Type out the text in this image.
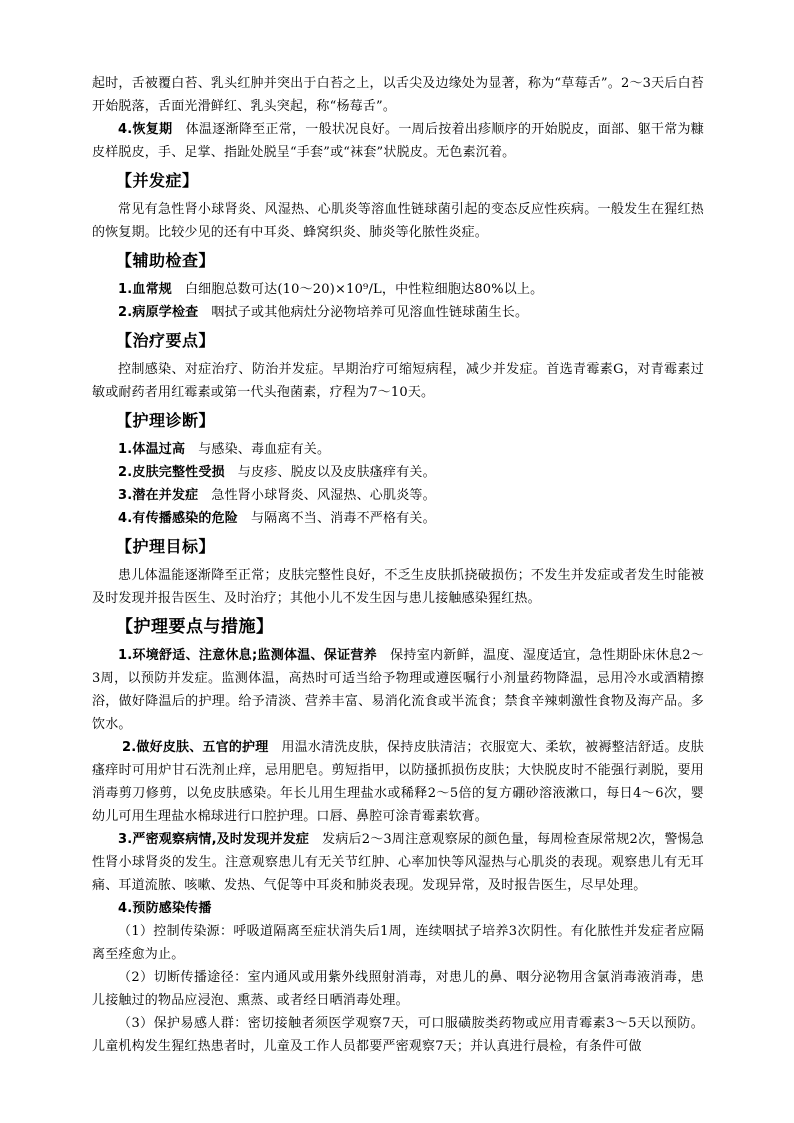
起时，舌被覆白苔、乳头红肿并突出于白苔之上，以舌尖及边缘处为显著，称为“草莓舌”。2～3天后白苔开始脱落，舌面光滑鲜红、乳头突起，称“杨莓舌”。

4.恢复期 体温逐渐降至正常，一般状况良好。一周后按着出疹顺序的开始脱皮，面部、躯干常为糠皮样脱皮，手、足掌、指趾处脱呈“手套”或“袜套”状脱皮。无色素沉着。

【并发症】

常见有急性肾小球肾炎、风湿热、心肌炎等溶血性链球菌引起的变态反应性疾病。一般发生在猩红热的恢复期。比较少见的还有中耳炎、蜂窝织炎、肺炎等化脓性炎症。

【辅助检查】

1.血常规 白细胞总数可达(10～20)×10⁹/L，中性粒细胞达80%以上。

2.病原学检查 咽拭子或其他病灶分泌物培养可见溶血性链球菌生长。

【治疗要点】

控制感染、对症治疗、防治并发症。早期治疗可缩短病程，减少并发症。首选青霉素G，对青霉素过敏或耐药者用红霉素或第一代头孢菌素，疗程为7～10天。

【护理诊断】

1.体温过高 与感染、毒血症有关。

2.皮肤完整性受损 与皮疹、脱皮以及皮肤瘙痒有关。

3.潜在并发症 急性肾小球肾炎、风湿热、心肌炎等。

4.有传播感染的危险 与隔离不当、消毒不严格有关。

【护理目标】

患儿体温能逐渐降至正常；皮肤完整性良好，不乏生皮肤抓挠破损伤；不发生并发症或者发生时能被及时发现并报告医生、及时治疗；其他小儿不发生因与患儿接触感染猩红热。

【护理要点与措施】

1.环境舒适、注意休息;监测体温、保证营养 保持室内新鲜，温度、湿度适宜，急性期卧床休息2～3周，以预防并发症。监测体温，高热时可适当给予物理或遵医嘱行小剂量药物降温，忌用冷水或酒精擦浴，做好降温后的护理。给予清淡、营养丰富、易消化流食或半流食；禁食辛辣刺激性食物及海产品。多饮水。

2.做好皮肤、五官的护理 用温水清洗皮肤，保持皮肤清洁；衣服宽大、柔软，被褥整洁舒适。皮肤瘙痒时可用炉甘石洗剂止痒，忌用肥皂。剪短指甲，以防搔抓损伤皮肤；大快脱皮时不能强行剥脱，要用消毒剪刀修剪，以免皮肤感染。年长儿用生理盐水或稀释2～5倍的复方硼砂溶液漱口，每日4～6次，婴幼儿可用生理盐水棉球进行口腔护理。口唇、鼻腔可涂青霉素软膏。

3.严密观察病情,及时发现并发症 发病后2～3周注意观察尿的颜色量，每周检查尿常规2次，警惕急性肾小球肾炎的发生。注意观察患儿有无关节红肿、心率加快等风湿热与心肌炎的表现。观察患儿有无耳痛、耳道流脓、咳嗽、发热、气促等中耳炎和肺炎表现。发现异常，及时报告医生，尽早处理。

4.预防感染传播

（1）控制传染源：呼吸道隔离至症状消失后1周，连续咽拭子培养3次阴性。有化脓性并发症者应隔离至痊愈为止。

（2）切断传播途径：室内通风或用紫外线照射消毒，对患儿的鼻、咽分泌物用含氯消毒液消毒，患儿接触过的物品应浸泡、熏蒸、或者经日晒消毒处理。

（3）保护易感人群：密切接触者须医学观察7天，可口服磺胺类药物或应用青霉素3～5天以预防。儿童机构发生猩红热患者时，儿童及工作人员都要严密观察7天；并认真进行晨检，有条件可做
